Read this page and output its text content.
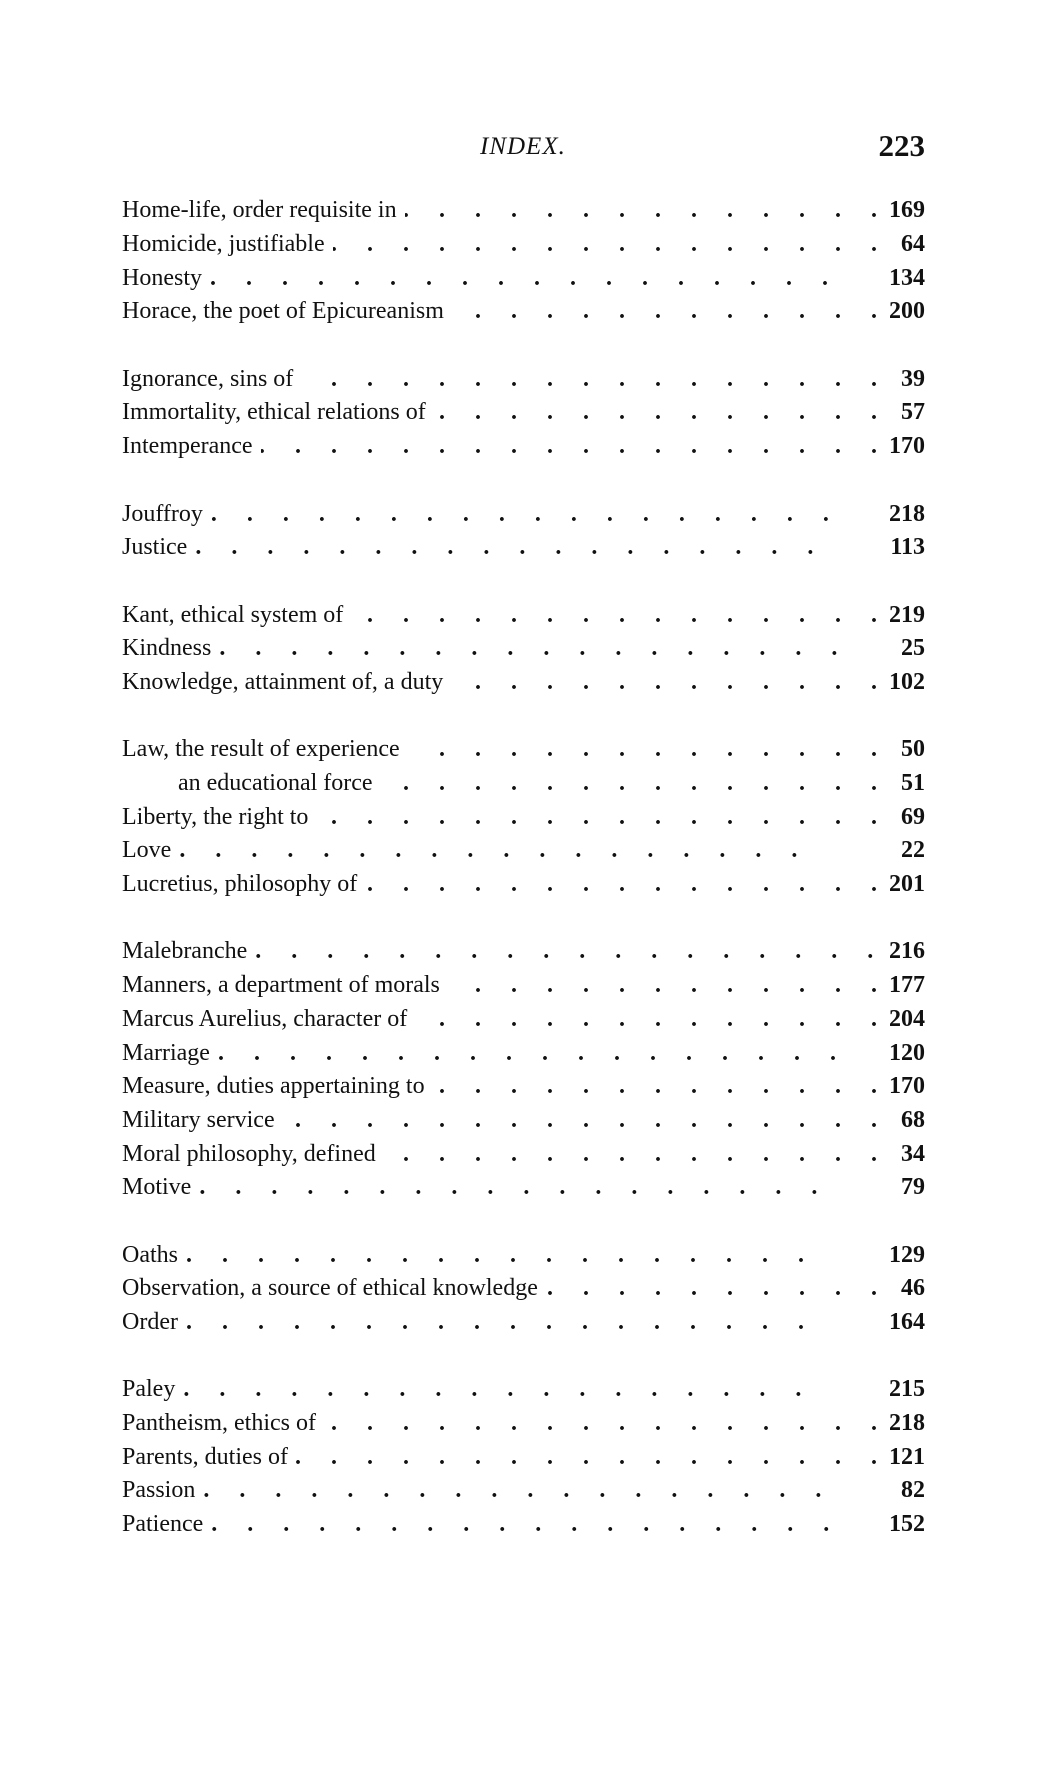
INDEX.	223
Home-life, order requisite in .	169
Homicide, justifiable .	64
Honesty .	134
Horace, the poet of Epicureanism .	200
Ignorance, sins of .	39
Immortality, ethical relations of .	57
Intemperance .	170
Jouffroy .	218
Justice .	113
Kant, ethical system of .	219
Kindness .	25
Knowledge, attainment of, a duty .	102
Law, the result of experience .	50
an educational force .	51
Liberty, the right to .	69
Love .	22
Lucretius, philosophy of .	201
Malebranche .	216
Manners, a department of morals .	177
Marcus Aurelius, character of .	204
Marriage .	120
Measure, duties appertaining to .	170
Military service .	68
Moral philosophy, defined .	34
Motive .	79
Oaths .	129
Observation, a source of ethical knowledge .	46
Order .	164
Paley .	215
Pantheism, ethics of .	218
Parents, duties of .	121
Passion .	82
Patience .	152
